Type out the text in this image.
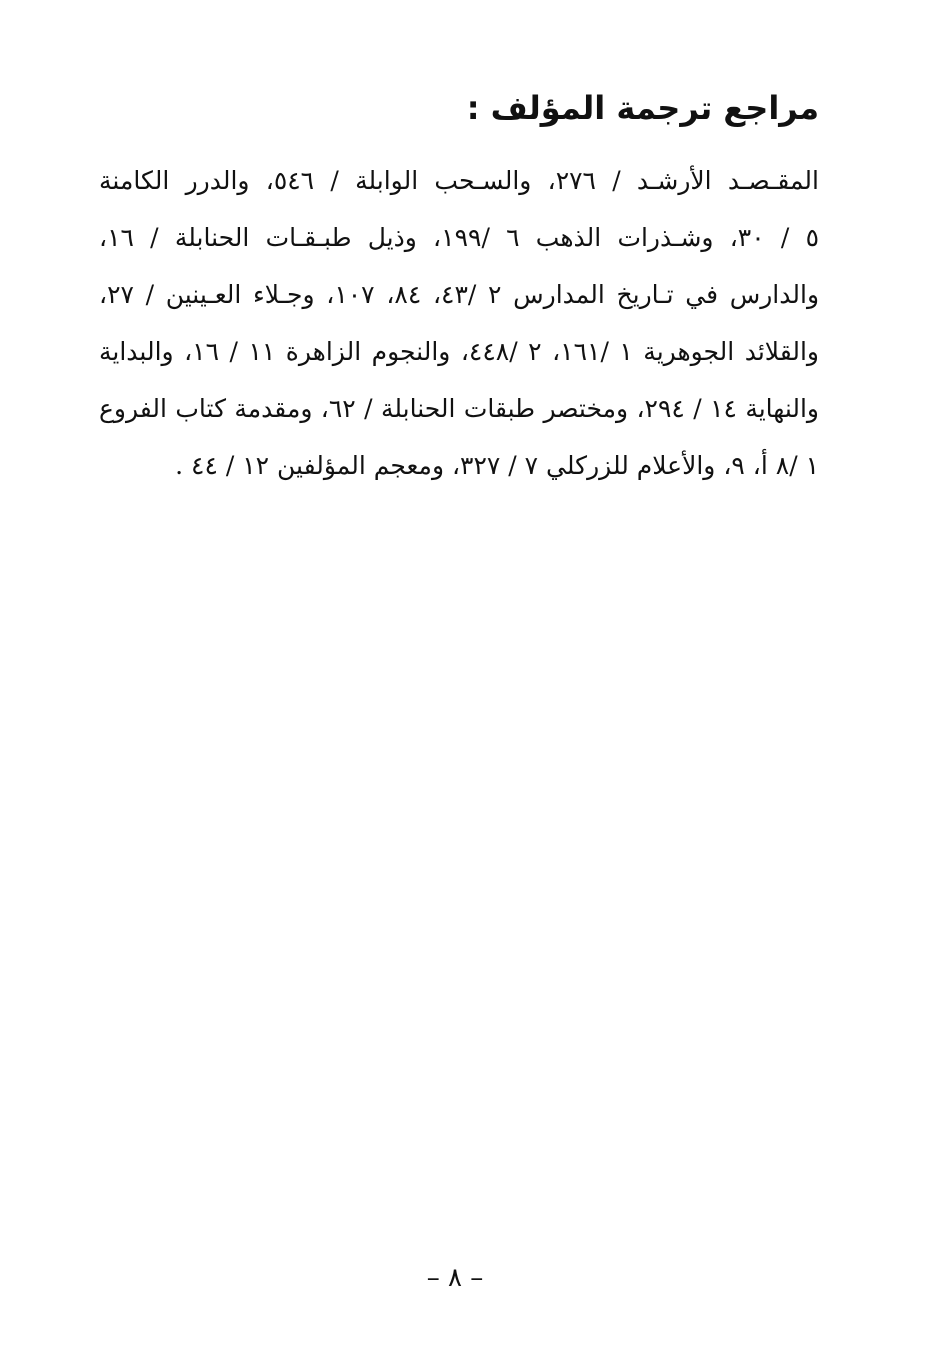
مراجع ترجمة المؤلف :
المقـصـد الأرشـد / ٢٧٦، والسـحب الوابلة / ٥٤٦، والدرر الكامنة
٥ / ٣٠، وشـذرات الذهب ٦ /١٩٩، وذيل طبـقـات الحنابلة / ١٦،
والدارس في تـاريخ المدارس ٢ /٤٣، ٨٤، ١٠٧، وجـلاء العـينين / ٢٧،
والقلائد الجوهرية ١ /١٦١، ٢ /٤٤٨، والنجوم الزاهرة ١١ / ١٦، والبداية
والنهاية ١٤ / ٢٩٤، ومختصر طبقات الحنابلة / ٦٢، ومقدمة كتاب الفروع
١ /٨ أ، ٩، والأعلام للزركلي ٧ / ٣٢٧، ومعجم المؤلفين ١٢ / ٤٤ .
– ٨ –
